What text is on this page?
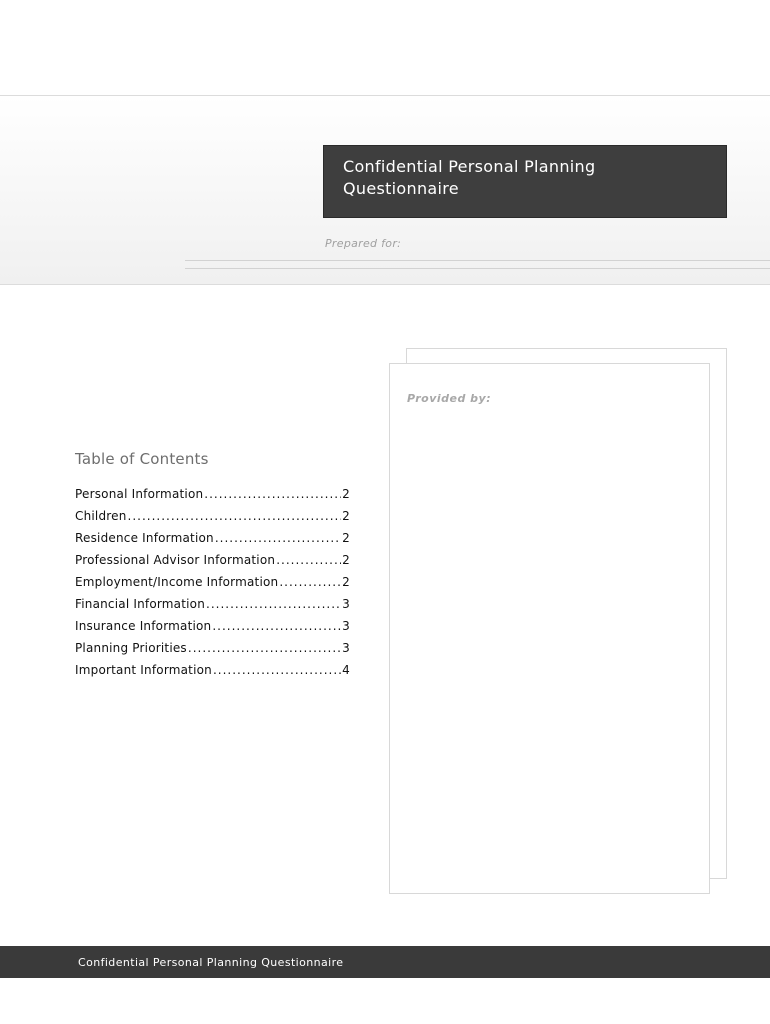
Confidential Personal Planning Questionnaire
Prepared for:
Provided by:
Table of Contents
Personal Information .....	2
Children .....	2
Residence Information .....	2
Professional Advisor Information .....	2
Employment/Income Information .....	2
Financial Information .....	3
Insurance Information .....	3
Planning Priorities .....	3
Important Information .....	4
Confidential Personal Planning Questionnaire
